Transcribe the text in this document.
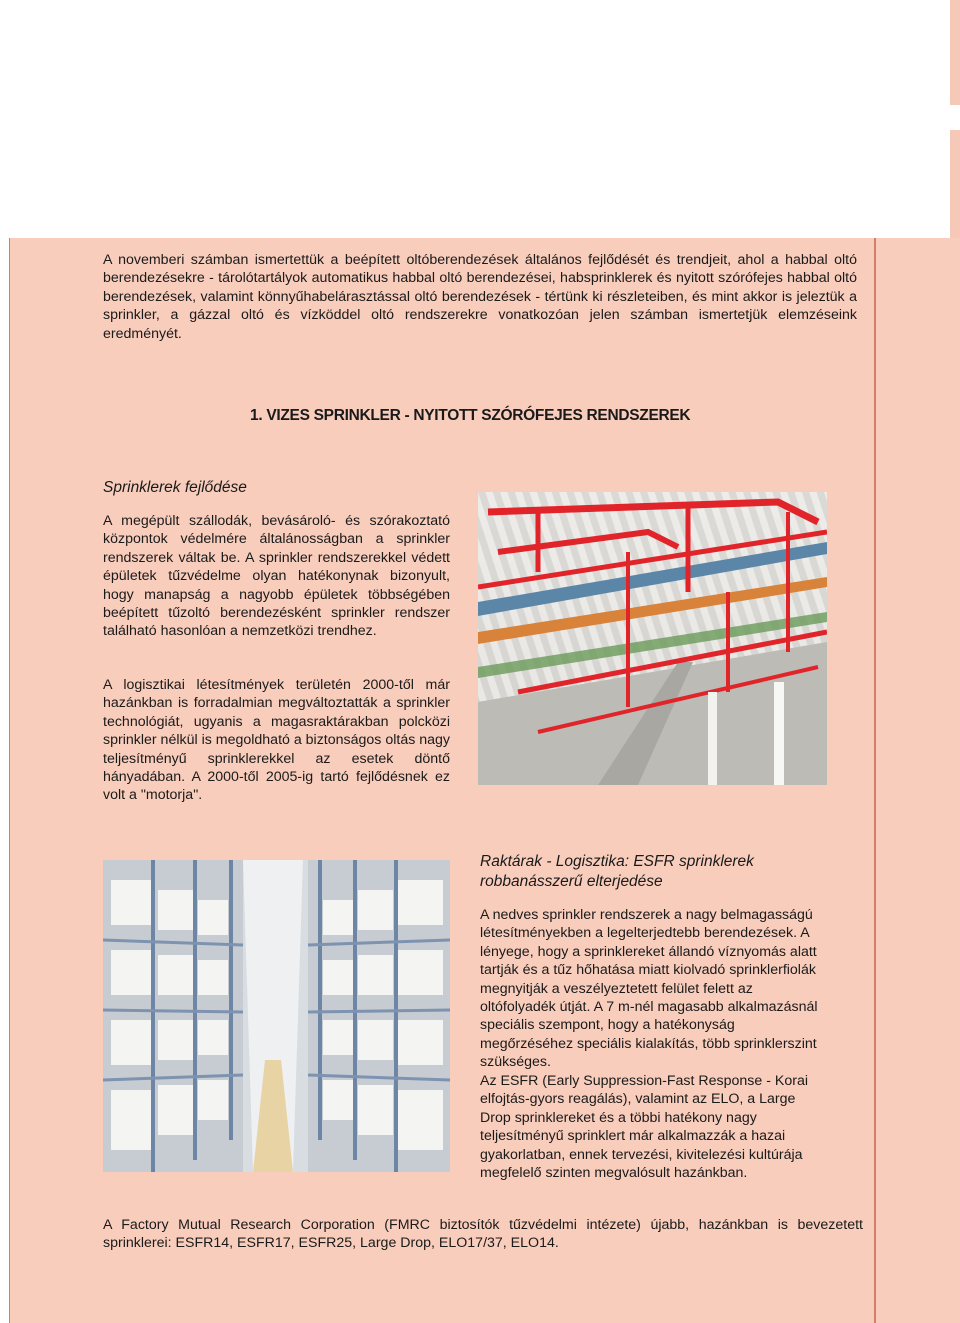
A novemberi számban ismertettük a beépített oltóberendezések általános fejlődését és trendjeit, ahol a habbal oltó berendezésekre - tárolótartályok automatikus habbal oltó berendezései, habsprinklerek és nyitott szórófejes habbal oltó berendezések, valamint könnyűhabelárasztással oltó berendezések - tértünk ki részleteiben, és mint akkor is jeleztük a sprinkler, a gázzal oltó és vízköddel oltó rendszerekre vonatkozóan jelen számban ismertetjük elemzéseink eredményét.

1. VIZES SPRINKLER - NYITOTT SZÓRÓFEJES RENDSZEREK

Sprinklerek fejlődése

A megépült szállodák, bevásároló- és szórakoztató központok védelmére általánosságban a sprinkler rendszerek váltak be. A sprinkler rendszerekkel védett épületek tűzvédelme olyan hatékonynak bizonyult, hogy manapság a nagyobb épületek többségében beépített tűzoltó berendezésként sprinkler rendszer található hasonlóan a nemzetközi trendhez.

A logisztikai létesítmények területén 2000-től már hazánkban is forradalmian megváltoztatták a sprinkler technológiát, ugyanis a magasraktárakban polcközi sprinkler nélkül is megoldható a biztonságos oltás nagy teljesítményű sprinklerekkel az esetek döntő hányadában. A 2000-től 2005-ig tartó fejlődésnek ez volt a "motorja".

Raktárak - Logisztika: ESFR sprinklerek
robbanásszerű elterjedése

A nedves sprinkler rendszerek a nagy belmagasságú létesítményekben a legelterjedtebb berendezések. A lényege, hogy a sprinklereket állandó víznyomás alatt tartják és a tűz hőhatása miatt kiolvadó sprinklerfiolák megnyitják a veszélyeztetett felület felett az oltófolyadék útját. A 7 m-nél magasabb alkalmazásnál speciális szempont, hogy a hatékonyság megőrzéséhez speciális kialakítás, több sprinklerszint szükséges.

Az ESFR (Early Suppression-Fast Response - Korai elfojtás-gyors reagálás), valamint az ELO, a Large Drop sprinklereket és a többi hatékony nagy teljesítményű sprinklert már alkalmazzák a hazai gyakorlatban, ennek tervezési, kivitelezési kultúrája megfelelő szinten megvalósult hazánkban.

A Factory Mutual Research Corporation (FMRC biztosítók tűzvédelmi intézete) újabb, hazánkban is bevezetett sprinklerei: ESFR14, ESFR17, ESFR25, Large Drop, ELO17/37, ELO14.
